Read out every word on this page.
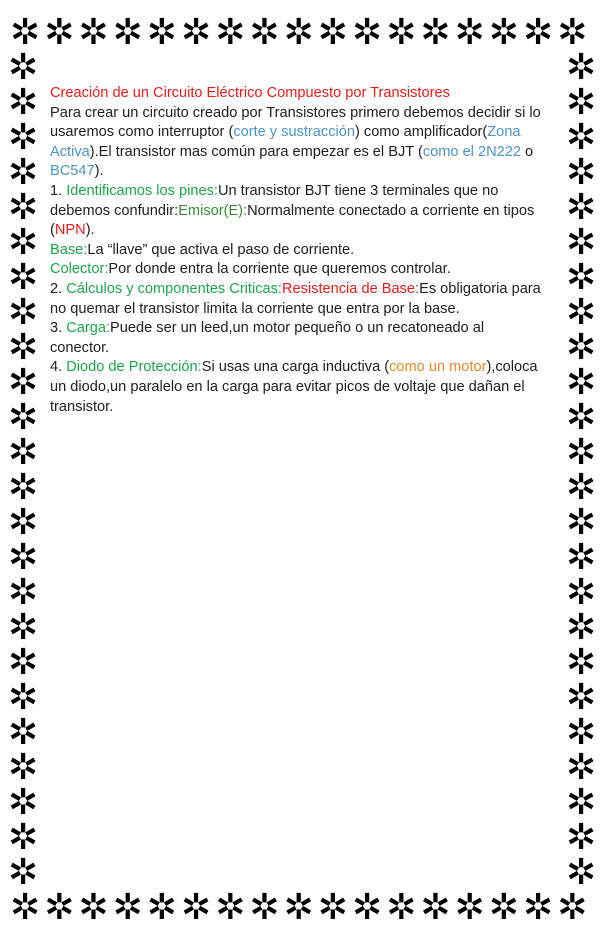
✲ ✲ ✲ ✲ ✲ ✲ ✲ ✲ ✲ ✲ ✲ ✲ ✲ ✲ ✲ ✲ ✲
✲ ✲ ✲ ✲ ✲ ✲ ✲ ✲ ✲ ✲ ✲ ✲ ✲ ✲ ✲ ✲ ✲
✲	✲
✲	✲
✲	✲
✲	✲
✲	✲
✲	✲
✲	✲
✲	✲
✲	✲
✲	✲
✲	✲
✲	✲
✲	✲
✲	✲
✲	✲
✲	✲
✲	✲
✲	✲
✲	✲
✲	✲
✲	✲
✲	✲
✲	✲
✲	✲

Creación de un Circuito Eléctrico Compuesto por Transistores

Para crear un circuito creado por Transistores primero debemos decidir si lo usaremos como interruptor (corte y sustracción) como amplificador(Zona Activa).El transistor mas común para empezar es el BJT (como el 2N222 o BC547).

1. Identificamos los pines:Un transistor BJT tiene 3 terminales que no debemos confundir:Emisor(E):Normalmente conectado a corriente en tipos (NPN).

Base:La “llave” que activa el paso de corriente.

Colector:Por donde entra la corriente que queremos controlar.

2. Cálculos y componentes Criticas:Resistencia de Base:Es obligatoria para no quemar el transistor limita la corriente que entra por la base.

3. Carga:Puede ser un leed,un motor pequeño o un recatoneado al conector.

4. Diodo de Protección:Si usas una carga inductiva (como un motor),coloca un diodo,un paralelo en la carga para evitar picos de voltaje que dañan el transistor.
